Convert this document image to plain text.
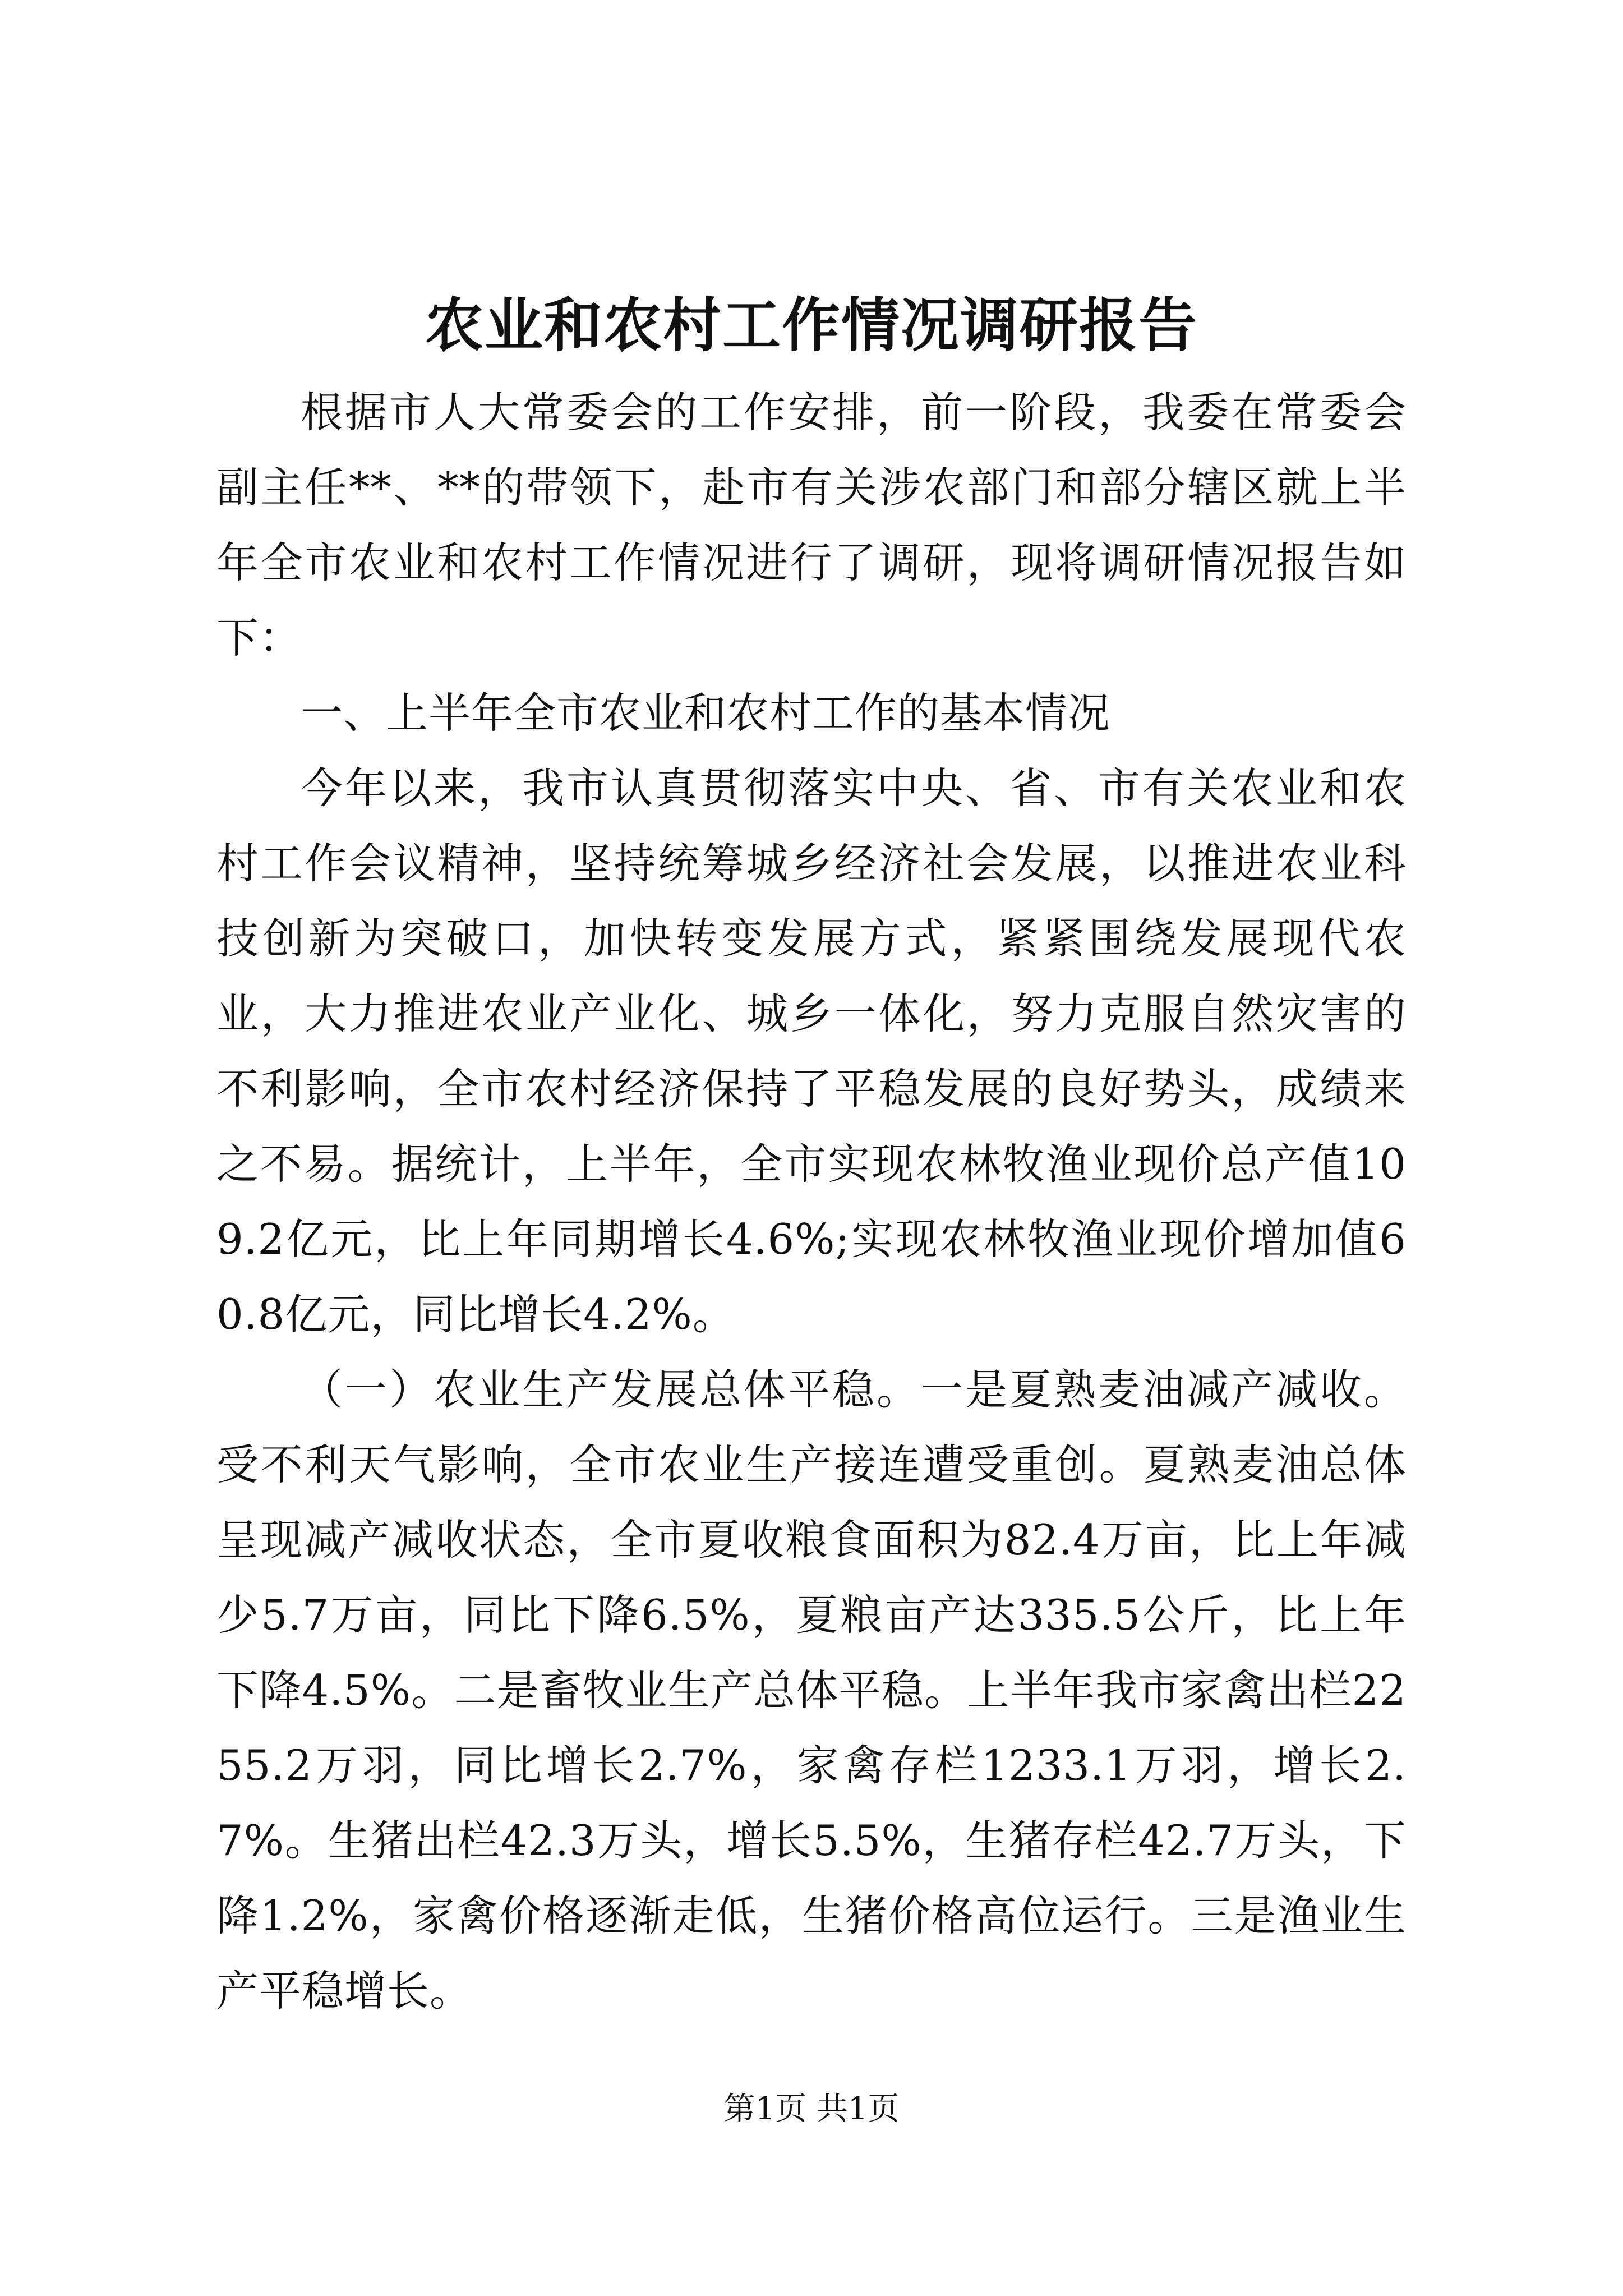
农业和农村工作情况调研报告

根据市人大常委会的工作安排，前一阶段，我委在常委会副主任**、**的带领下，赴市有关涉农部门和部分辖区就上半年全市农业和农村工作情况进行了调研，现将调研情况报告如下：

一、上半年全市农业和农村工作的基本情况

今年以来，我市认真贯彻落实中央、省、市有关农业和农村工作会议精神，坚持统筹城乡经济社会发展，以推进农业科技创新为突破口，加快转变发展方式，紧紧围绕发展现代农业，大力推进农业产业化、城乡一体化，努力克服自然灾害的不利影响，全市农村经济保持了平稳发展的良好势头，成绩来之不易。据统计，上半年，全市实现农林牧渔业现价总产值109.2亿元，比上年同期增长4.6%;实现农林牧渔业现价增加值60.8亿元，同比增长4.2%。

（一）农业生产发展总体平稳。一是夏熟麦油减产减收。受不利天气影响，全市农业生产接连遭受重创。夏熟麦油总体呈现减产减收状态，全市夏收粮食面积为82.4万亩，比上年减少5.7万亩，同比下降6.5%，夏粮亩产达335.5公斤，比上年下降4.5%。二是畜牧业生产总体平稳。上半年我市家禽出栏2255.2万羽，同比增长2.7%，家禽存栏1233.1万羽，增长2.7%。生猪出栏42.3万头，增长5.5%，生猪存栏42.7万头，下降1.2%，家禽价格逐渐走低，生猪价格高位运行。三是渔业生产平稳增长。

第1页 共1页
